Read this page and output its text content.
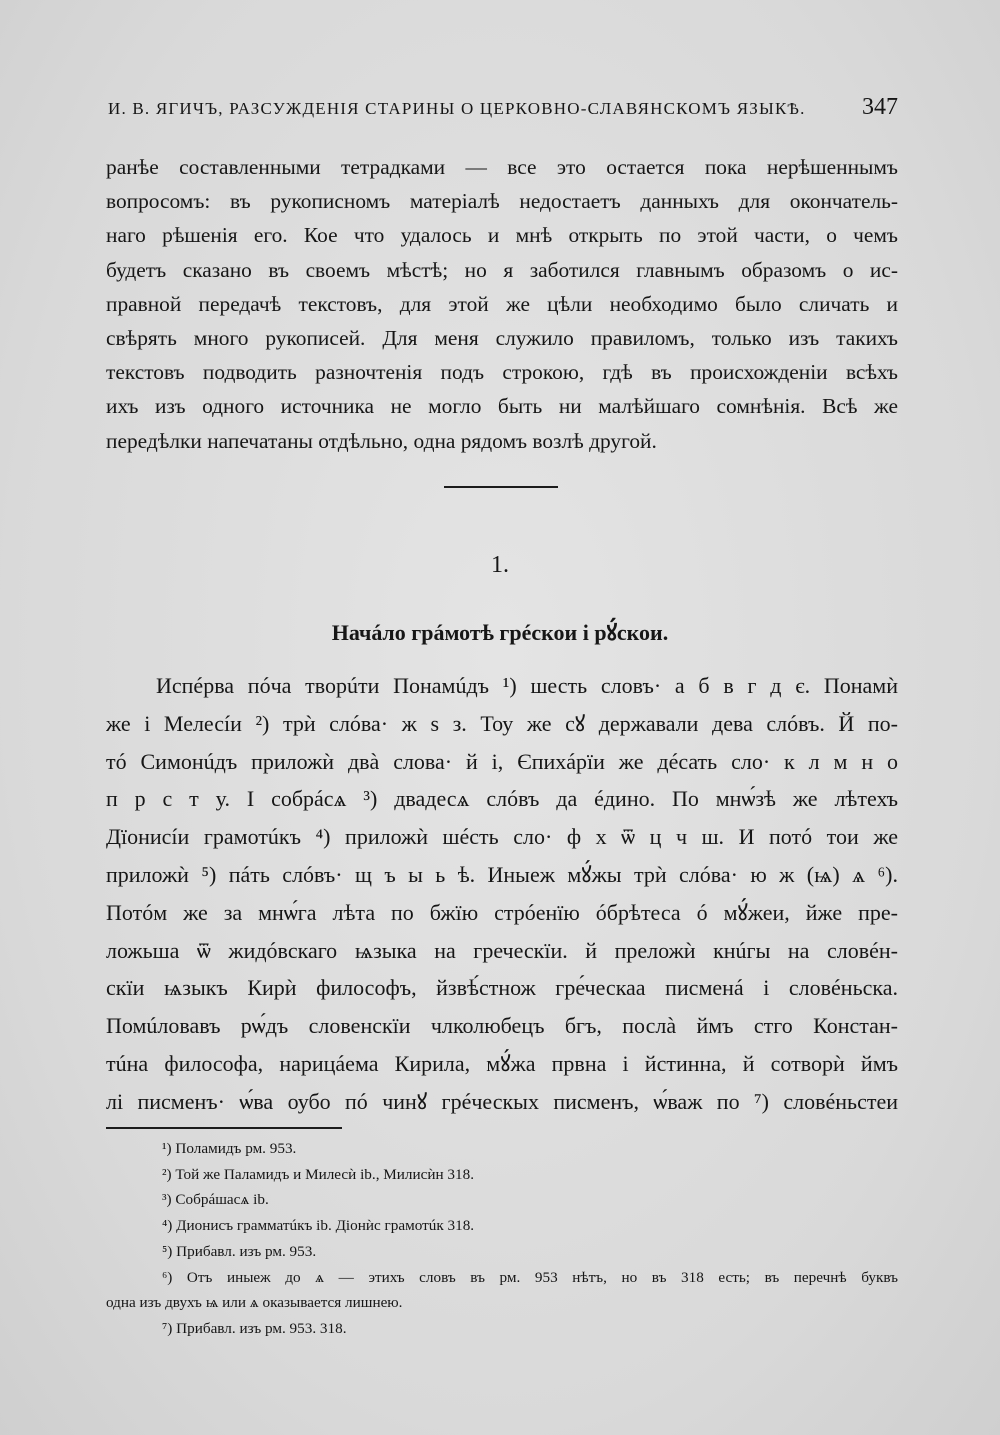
И. В. ЯГИЧЪ, РАЗСУЖДЕНІЯ СТАРИНЫ О ЦЕРКОВНО-СЛАВЯНСКОМЪ ЯЗЫКѢ. 347
ранѣе составленными тетрадками — все это остается пока нерѣшеннымъ
вопросомъ: въ рукописномъ матеріалѣ недостаетъ данныхъ для окончатель-
наго рѣшенія его. Кое что удалось и мнѣ открыть по этой части, о чемъ
будетъ сказано въ своемъ мѣстѣ; но я заботился главнымъ образомъ о ис-
правной передачѣ текстовъ, для этой же цѣли необходимо было сличать и
свѣрять много рукописей. Для меня служило правиломъ, только изъ такихъ
текстовъ подводить разночтенія подъ строкою, гдѣ въ происхожденіи всѣхъ
ихъ изъ одного источника не могло быть ни малѣйшаго сомнѣнія. Всѣ же
передѣлки напечатаны отдѣльно, одна рядомъ возлѣ другой.
1.
Начáло грáмотѣ грéскои і рꙋ́скои.
Испéрва пóча творúти Понамúдъ ¹) шесть словъ· а б в г д є. Понамѝ
же і Мелесíи ²) трѝ слóва· ж ѕ з. Тоу же сꙋ державали дева слóвъ. Й по-
тó Симонúдъ приложѝ двà слова· й і, Єпихáрïи же дéсать сло· к л м н о
п р с т у. І собрáсѧ ³) двадесѧ слóвъ да éдино. По мнѡ́зѣ же лѣтехъ
Дïонисíи грамотúкъ ⁴) приложѝ шéсть сло· ф х ѿ ц ч ш. И потó тои же
приложѝ ⁵) пáть слóвъ· щ ъ ы ь ѣ. Иныеж мꙋ́жы трѝ слóва· ю ж (ѩ) ѧ ⁶).
Потóм же за мнѡ́га лѣта по бжïю стрóенїю óбрѣтеса ó мꙋ́жеи, йже пре-
ложьша ѿ жидóвскаго ѩзыка на греческïи. й преложѝ кнúгы на словéн-
скïи ѩзыкъ Кирѝ философъ, йзвѣ́стнож гре́ческаа писменá і словéньска.
Помúловавъ рѡ́дъ словенскïи члколюбецъ бгъ, послà ймъ стго Констан-
тúна философа, нарицáема Кирила, мꙋ́жа првна і йстинна, й сотворѝ ймъ
лі писменъ· ѡ́ва оубо пó чинꙋ грéческых писменъ, ѡ́важ по ⁷) словéньстеи
¹) Поламидъ рм. 953.
²) Той же Паламидъ и Милесѝ ib., Милисѝн 318.
³) Собрáшасѧ ib.
⁴) Дионисъ грамматúкъ ib. Діонѝс грамотúк 318.
⁵) Прибавл. изъ рм. 953.
⁶) Отъ иныеж до ѧ — этихъ словъ въ рм. 953 нѣтъ, но въ 318 есть; въ перечнѣ буквъ
одна изъ двухъ ѩ или ѧ оказывается лишнею.
⁷) Прибавл. изъ рм. 953. 318.
